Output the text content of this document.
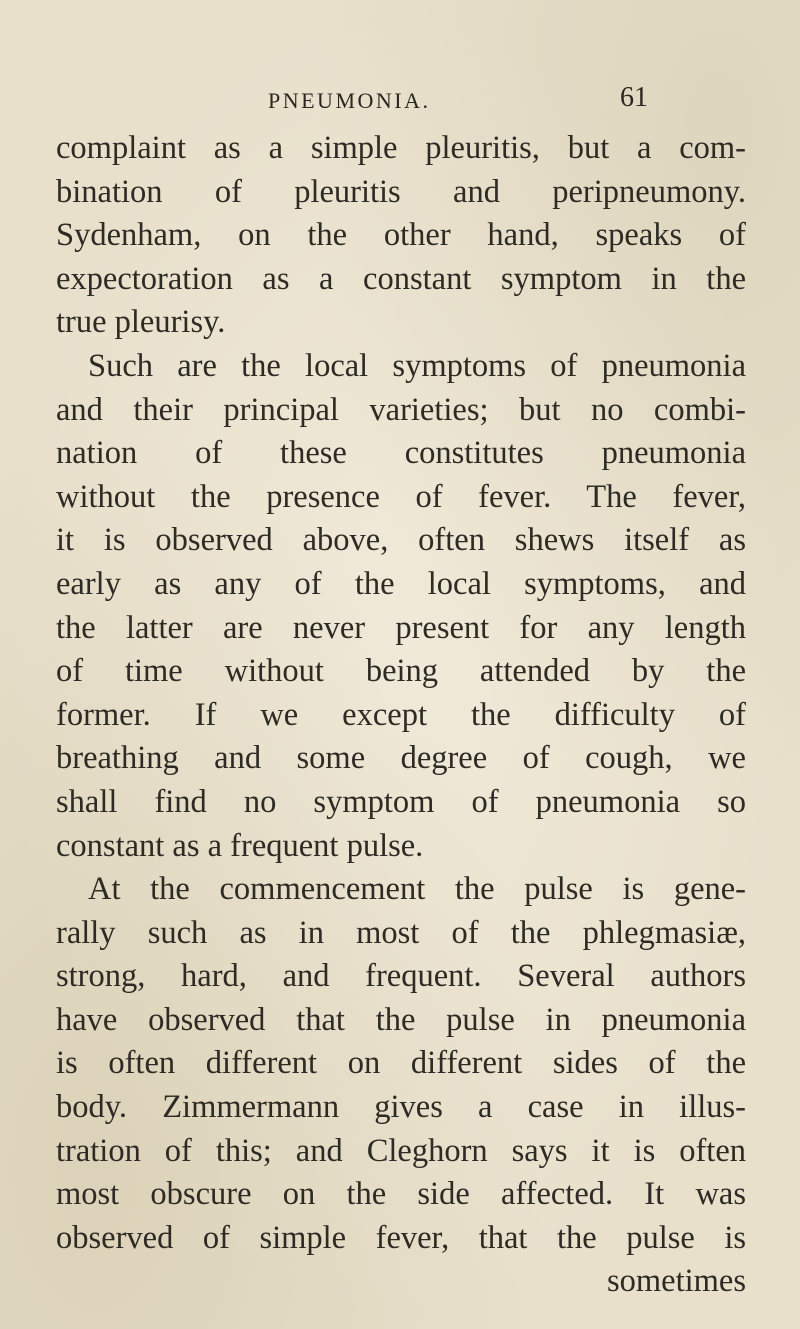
PNEUMONIA.	61
complaint as a simple pleuritis, but a com-
bination of pleuritis and peripneumony.
Sydenham, on the other hand, speaks of
expectoration as a constant symptom in the
true pleurisy.
Such are the local symptoms of pneumonia
and their principal varieties; but no combi-
nation of these constitutes pneumonia
without the presence of fever. The fever,
it is observed above, often shews itself as
early as any of the local symptoms, and
the latter are never present for any length
of time without being attended by the
former. If we except the difficulty of
breathing and some degree of cough, we
shall find no symptom of pneumonia so
constant as a frequent pulse.
At the commencement the pulse is gene-
rally such as in most of the phlegmasiæ,
strong, hard, and frequent. Several authors
have observed that the pulse in pneumonia
is often different on different sides of the
body. Zimmermann gives a case in illus-
tration of this; and Cleghorn says it is often
most obscure on the side affected. It was
observed of simple fever, that the pulse is
sometimes
